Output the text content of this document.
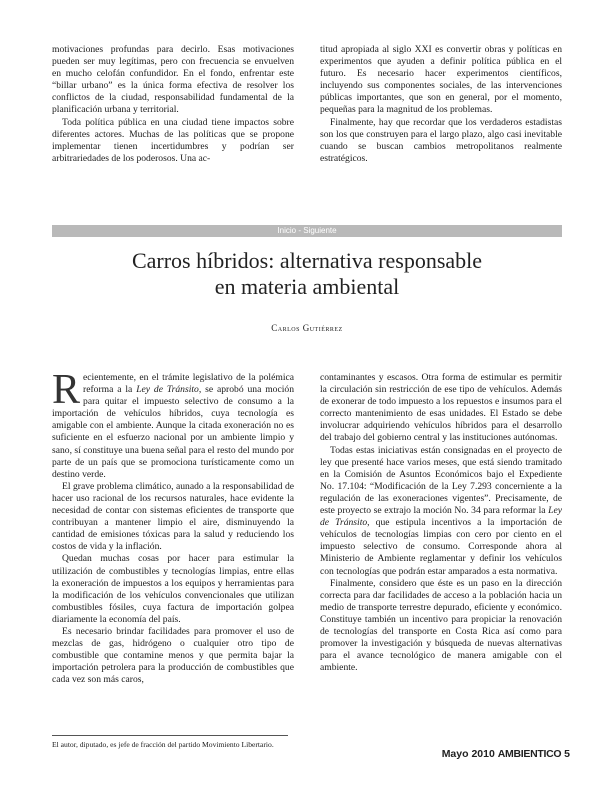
motivaciones profundas para decirlo. Esas motivaciones pueden ser muy legítimas, pero con frecuencia se envuelven en mucho celofán confundidor. En el fondo, enfrentar este “billar urbano” es la única forma efectiva de resolver los conflictos de la ciudad, responsabilidad fundamental de la planificación urbana y territorial.

Toda política pública en una ciudad tiene impactos sobre diferentes actores. Muchas de las políticas que se propone implementar tienen incertidumbres y podrían ser arbitrariedades de los poderosos. Una ac-

titud apropiada al siglo XXI es convertir obras y políticas en experimentos que ayuden a definir política pública en el futuro. Es necesario hacer experimentos científicos, incluyendo sus componentes sociales, de las intervenciones públicas importantes, que son en general, por el momento, pequeñas para la magnitud de los problemas.

Finalmente, hay que recordar que los verdaderos estadistas son los que construyen para el largo plazo, algo casi inevitable cuando se buscan cambios metropolitanos realmente estratégicos.

Inicio - Siguiente
Carros híbridos: alternativa responsable
en materia ambiental
Carlos Gutiérrez

Recientemente, en el trámite legislativo de la polémica reforma a la Ley de Tránsito, se aprobó una moción para quitar el impuesto selectivo de consumo a la importación de vehículos híbridos, cuya tecnología es amigable con el ambiente. Aunque la citada exoneración no es suficiente en el esfuerzo nacional por un ambiente limpio y sano, sí constituye una buena señal para el resto del mundo por parte de un país que se promociona turísticamente como un destino verde.

El grave problema climático, aunado a la responsabilidad de hacer uso racional de los recursos naturales, hace evidente la necesidad de contar con sistemas eficientes de transporte que contribuyan a mantener limpio el aire, disminuyendo la cantidad de emisiones tóxicas para la salud y reduciendo los costos de vida y la inflación.

Quedan muchas cosas por hacer para estimular la utilización de combustibles y tecnologías limpias, entre ellas la exoneración de impuestos a los equipos y herramientas para la modificación de los vehículos convencionales que utilizan combustibles fósiles, cuya factura de importación golpea diariamente la economía del país.

Es necesario brindar facilidades para promover el uso de mezclas de gas, hidrógeno o cualquier otro tipo de combustible que contamine menos y que permita bajar la importación petrolera para la producción de combustibles que cada vez son más caros,

contaminantes y escasos. Otra forma de estimular es permitir la circulación sin restricción de ese tipo de vehículos. Además de exonerar de todo impuesto a los repuestos e insumos para el correcto mantenimiento de esas unidades. El Estado se debe involucrar adquiriendo vehículos híbridos para el desarrollo del trabajo del gobierno central y las instituciones autónomas.

Todas estas iniciativas están consignadas en el proyecto de ley que presenté hace varios meses, que está siendo tramitado en la Comisión de Asuntos Económicos bajo el Expediente No. 17.104: “Modificación de la Ley 7.293 concerniente a la regulación de las exoneraciones vigentes”. Precisamente, de este proyecto se extrajo la moción No. 34 para reformar la Ley de Tránsito, que estipula incentivos a la importación de vehículos de tecnologías limpias con cero por ciento en el impuesto selectivo de consumo. Corresponde ahora al Ministerio de Ambiente reglamentar y definir los vehículos con tecnologías que podrán estar amparados a esta normativa.

Finalmente, considero que éste es un paso en la dirección correcta para dar facilidades de acceso a la población hacia un medio de transporte terrestre depurado, eficiente y económico. Constituye también un incentivo para propiciar la renovación de tecnologías del transporte en Costa Rica así como para promover la investigación y búsqueda de nuevas alternativas para el avance tecnológico de manera amigable con el ambiente.

El autor, diputado, es jefe de fracción del partido Movimiento Libertario.
Mayo 2010 AMBIENTICO 5
